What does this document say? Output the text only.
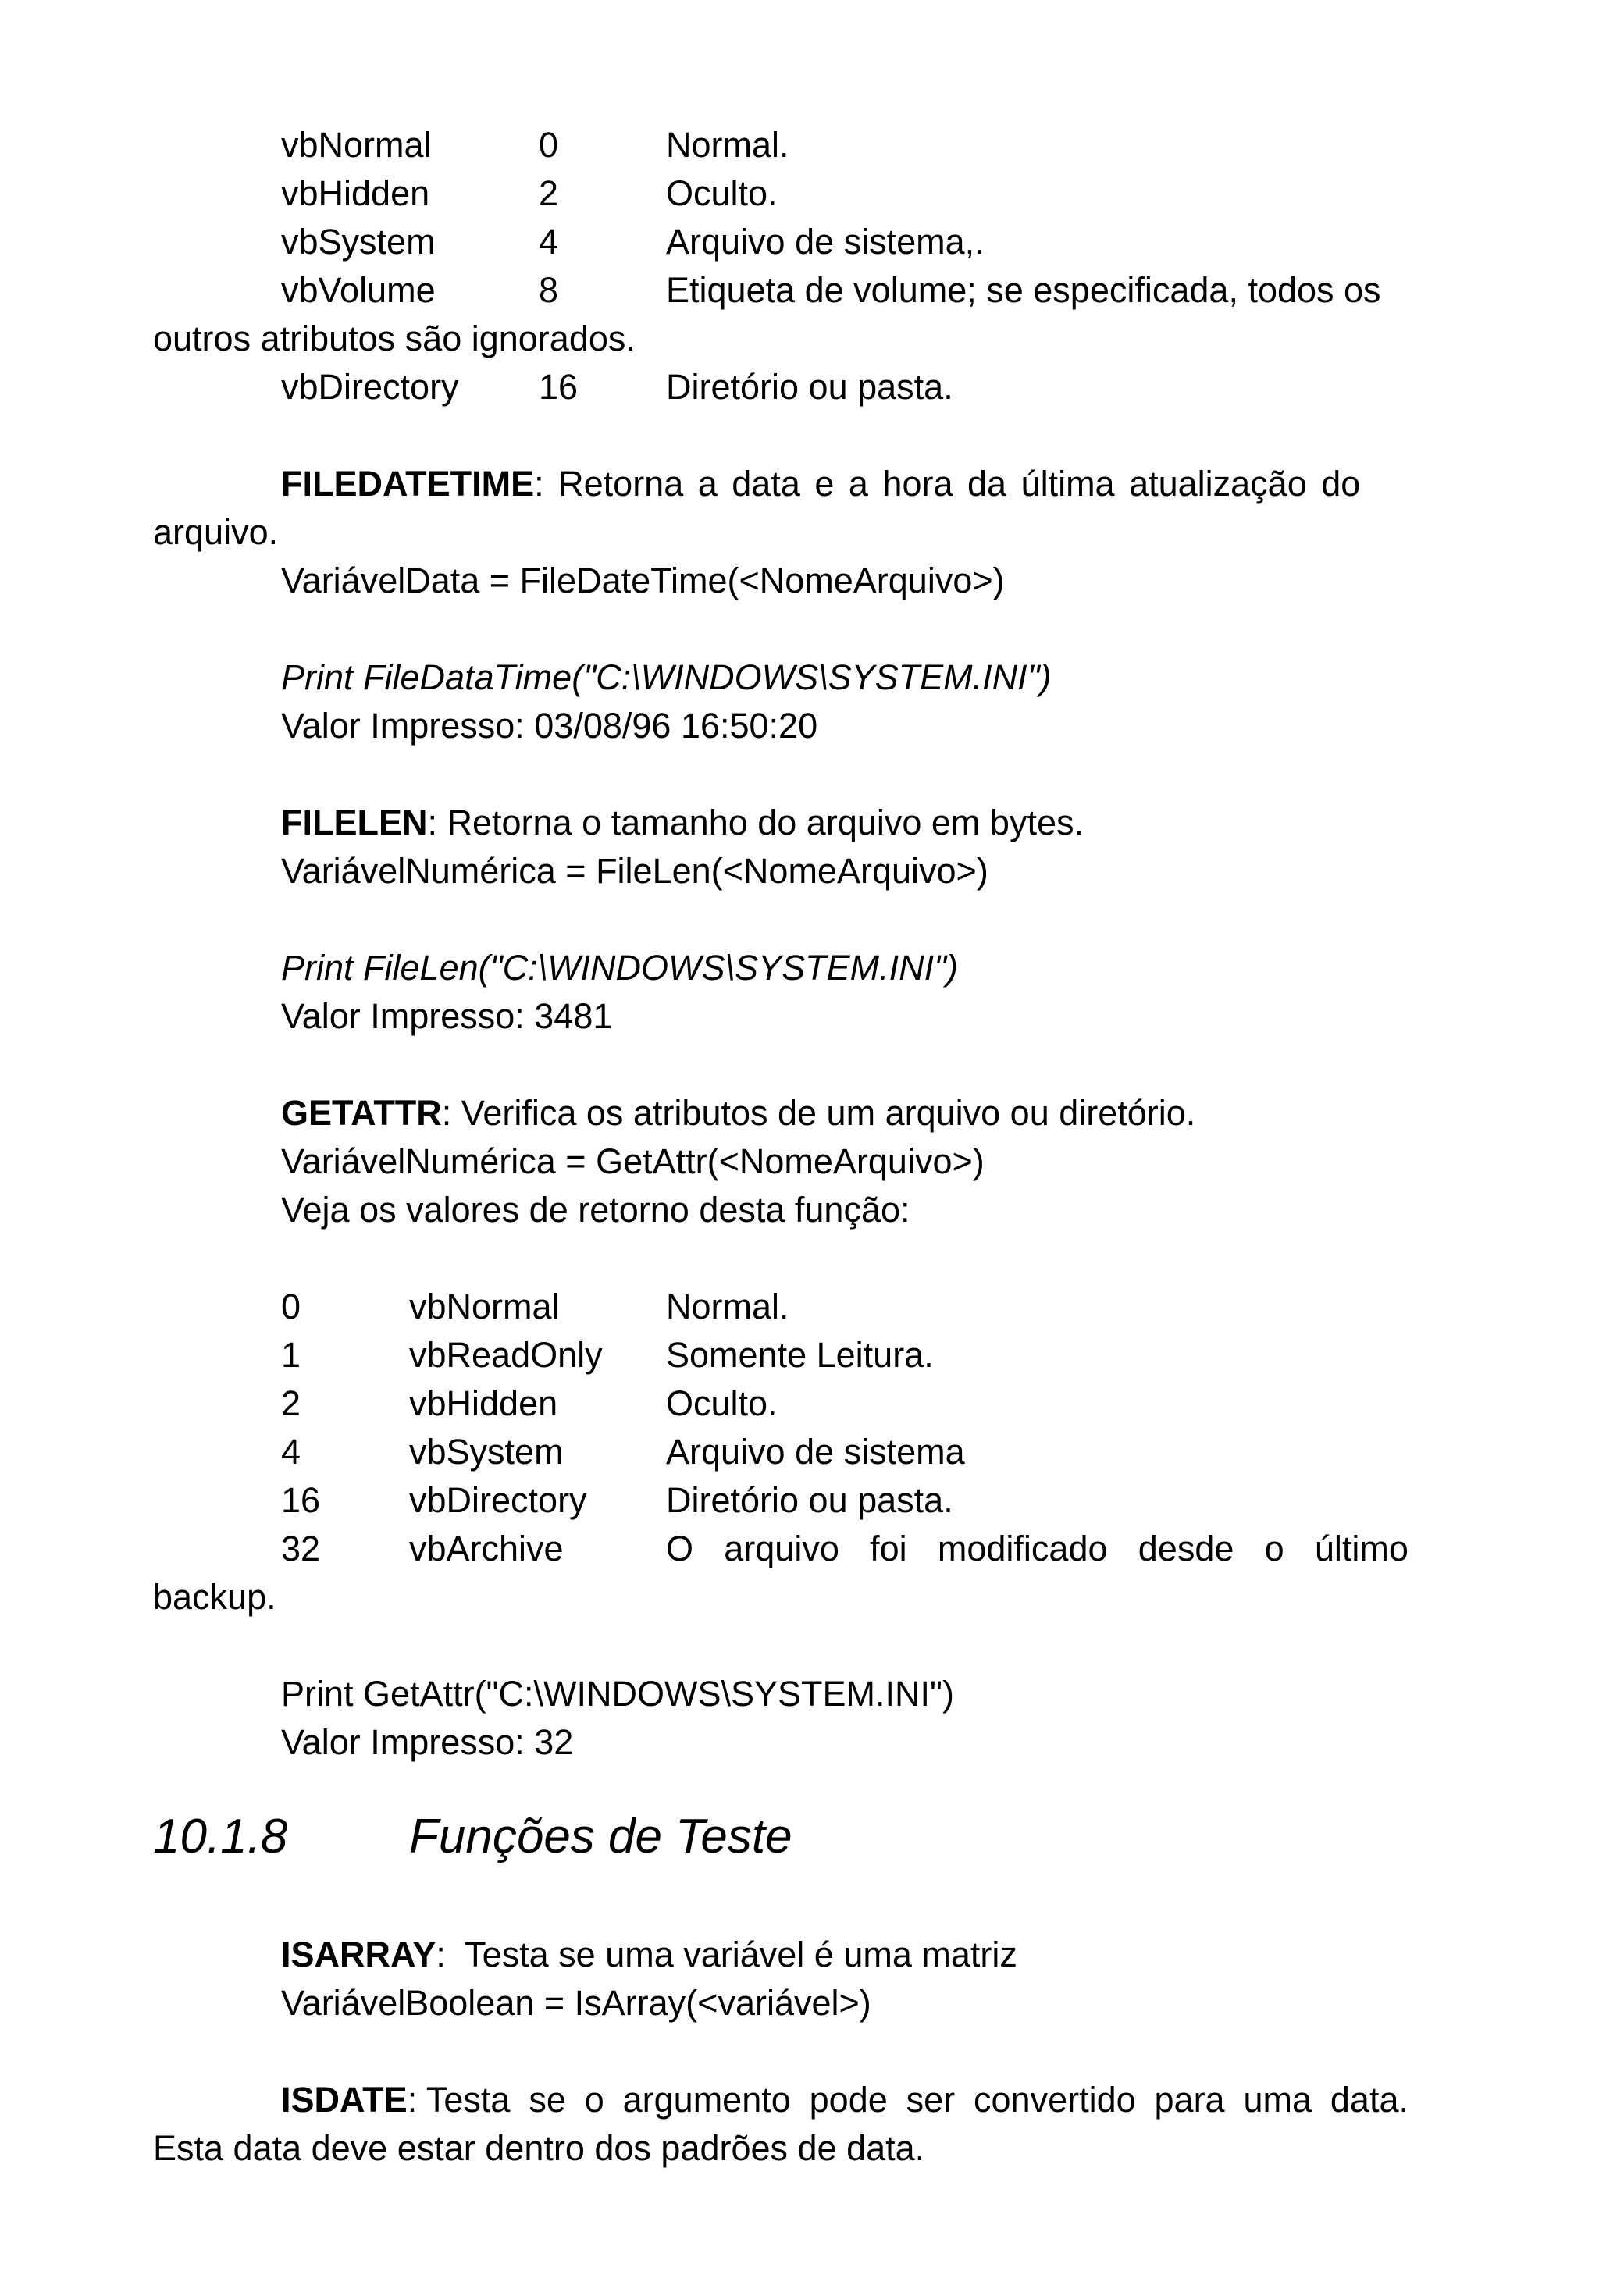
vbNormal	0	Normal.
vbHidden	2	Oculto.
vbSystem	4	Arquivo de sistema,.
vbVolume	8	Etiqueta de volume; se especificada, todos os
outros atributos são ignorados.
vbDirectory 16	Diretório ou pasta.
FILEDATETIME: Retorna a data e a hora da última atualização do
arquivo.
VariávelData = FileDateTime(<NomeArquivo>)
Print FileDataTime("C:\WINDOWS\SYSTEM.INI")
Valor Impresso: 03/08/96 16:50:20
FILELEN: Retorna o tamanho do arquivo em bytes.
VariávelNumérica = FileLen(<NomeArquivo>)
Print FileLen("C:\WINDOWS\SYSTEM.INI")
Valor Impresso: 3481
GETATTR: Verifica os atributos de um arquivo ou diretório.
VariávelNumérica = GetAttr(<NomeArquivo>)
Veja os valores de retorno desta função:
0	vbNormal	Normal.
1	vbReadOnly Somente Leitura.
2	vbHidden	Oculto.
4	vbSystem	Arquivo de sistema
16	vbDirectory Diretório ou pasta.
32	vbArchive	O arquivo foi modificado desde o último
backup.
Print GetAttr("C:\WINDOWS\SYSTEM.INI")
Valor Impresso: 32
10.1.8	Funções de Teste
ISARRAY:  Testa se uma variável é uma matriz
VariávelBoolean = IsArray(<variável>)
ISDATE: Testa se o argumento pode ser convertido para uma data.
Esta data deve estar dentro dos padrões de data.
